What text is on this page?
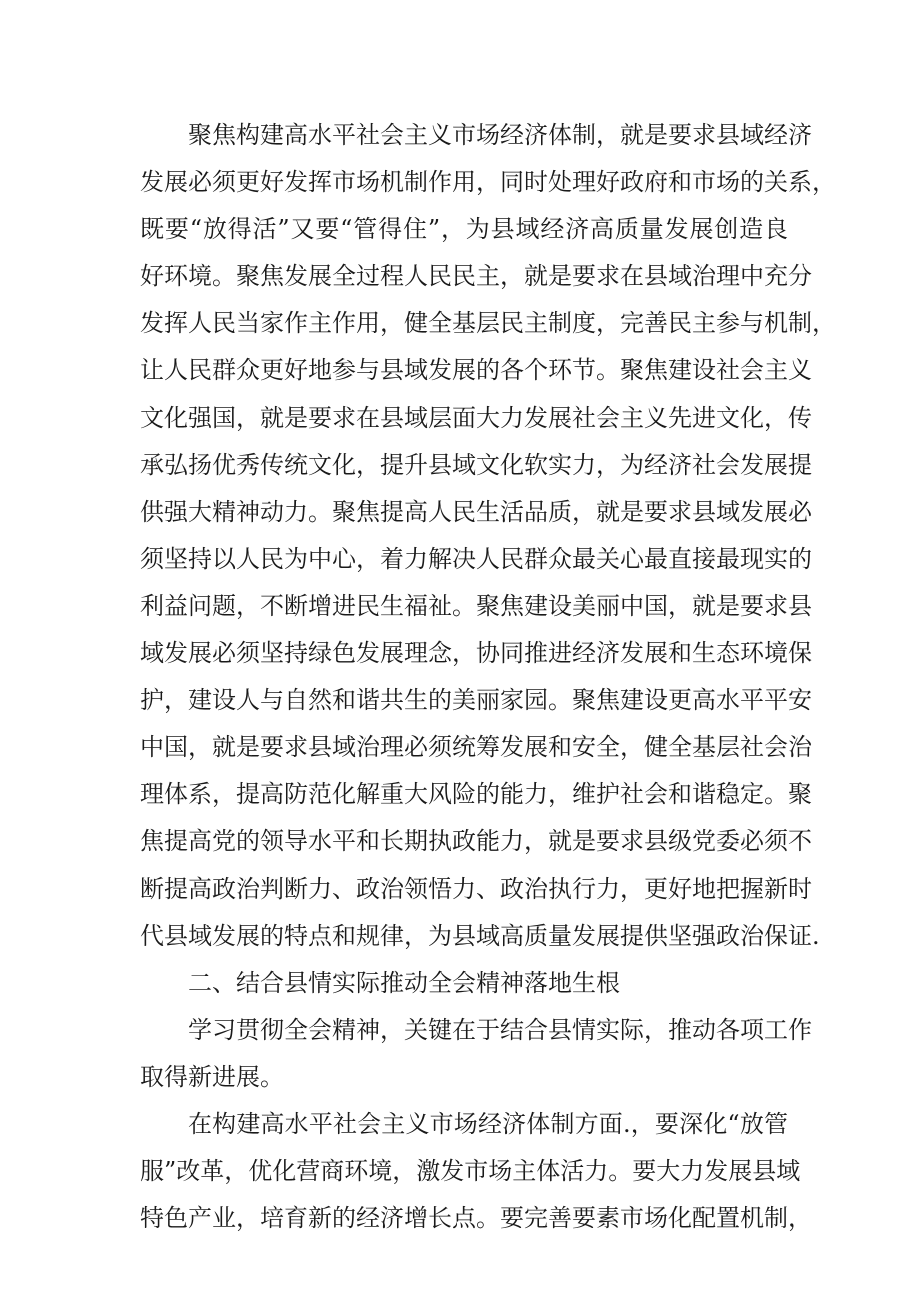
聚焦构建高水平社会主义市场经济体制，就是要求县域经济
发展必须更好发挥市场机制作用，同时处理好政府和市场的关系，
既要“放得活”又要“管得住”，为县域经济高质量发展创造良
好环境。聚焦发展全过程人民民主，就是要求在县域治理中充分
发挥人民当家作主作用，健全基层民主制度，完善民主参与机制，
让人民群众更好地参与县域发展的各个环节。聚焦建设社会主义
文化强国，就是要求在县域层面大力发展社会主义先进文化，传
承弘扬优秀传统文化，提升县域文化软实力，为经济社会发展提
供强大精神动力。聚焦提高人民生活品质，就是要求县域发展必
须坚持以人民为中心，着力解决人民群众最关心最直接最现实的
利益问题，不断增进民生福祉。聚焦建设美丽中国，就是要求县
域发展必须坚持绿色发展理念，协同推进经济发展和生态环境保
护，建设人与自然和谐共生的美丽家园。聚焦建设更高水平平安
中国，就是要求县域治理必须统筹发展和安全，健全基层社会治
理体系，提高防范化解重大风险的能力，维护社会和谐稳定。聚
焦提高党的领导水平和长期执政能力，就是要求县级党委必须不
断提高政治判断力、政治领悟力、政治执行力，更好地把握新时
代县域发展的特点和规律，为县域高质量发展提供坚强政治保证.
二、结合县情实际推动全会精神落地生根
学习贯彻全会精神，关键在于结合县情实际，推动各项工作
取得新进展。
在构建高水平社会主义市场经济体制方面.，要深化“放管
服”改革，优化营商环境，激发市场主体活力。要大力发展县域
特色产业，培育新的经济增长点。要完善要素市场化配置机制，
